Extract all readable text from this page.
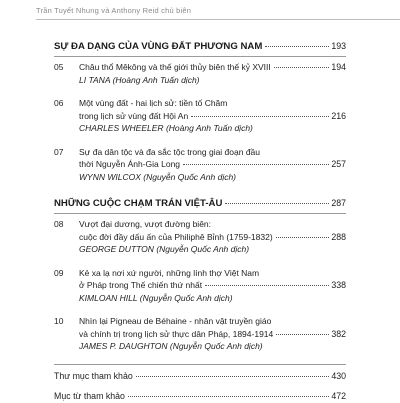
Trần Tuyết Nhung và Anthony Reid chủ biên
SỰ ĐA DẠNG CỦA VÙNG ĐẤT PHƯƠNG NAM	193
05	Châu thổ Mêkông và thế giới thủy biên thế kỷ XVIII	194
LI TANA (Hoàng Anh Tuấn dịch)
06	Một vùng đất - hai lịch sử: tiền tố Chăm
trong lịch sử vùng đất Hội An	216
CHARLES WHEELER (Hoàng Anh Tuấn dịch)
07	Sự đa dân tộc và đa sắc tộc trong giai đoạn đầu
thời Nguyễn Ánh-Gia Long	257
WYNN WILCOX (Nguyễn Quốc Anh dịch)
NHỮNG CUỘC CHẠM TRÁN VIỆT-ÂU	287
08	Vượt đại dương, vượt đường biên:
cuộc đời đầy dấu ấn của Philiphê Bỉnh (1759-1832)	288
GEORGE DUTTON (Nguyễn Quốc Anh dịch)
09	Kẻ xa lạ nơi xứ người, những lính thợ Việt Nam
ở Pháp trong Thế chiến thứ nhất	338
KIMLOAN HILL (Nguyễn Quốc Anh dịch)
10	Nhìn lại Pigneau de Béhaine - nhân vật truyền giáo
và chính trị trong lịch sử thực dân Pháp, 1894-1914	382
JAMES P. DAUGHTON (Nguyễn Quốc Anh dịch)
Thư mục tham khảo	430
Mục từ tham khảo	472
